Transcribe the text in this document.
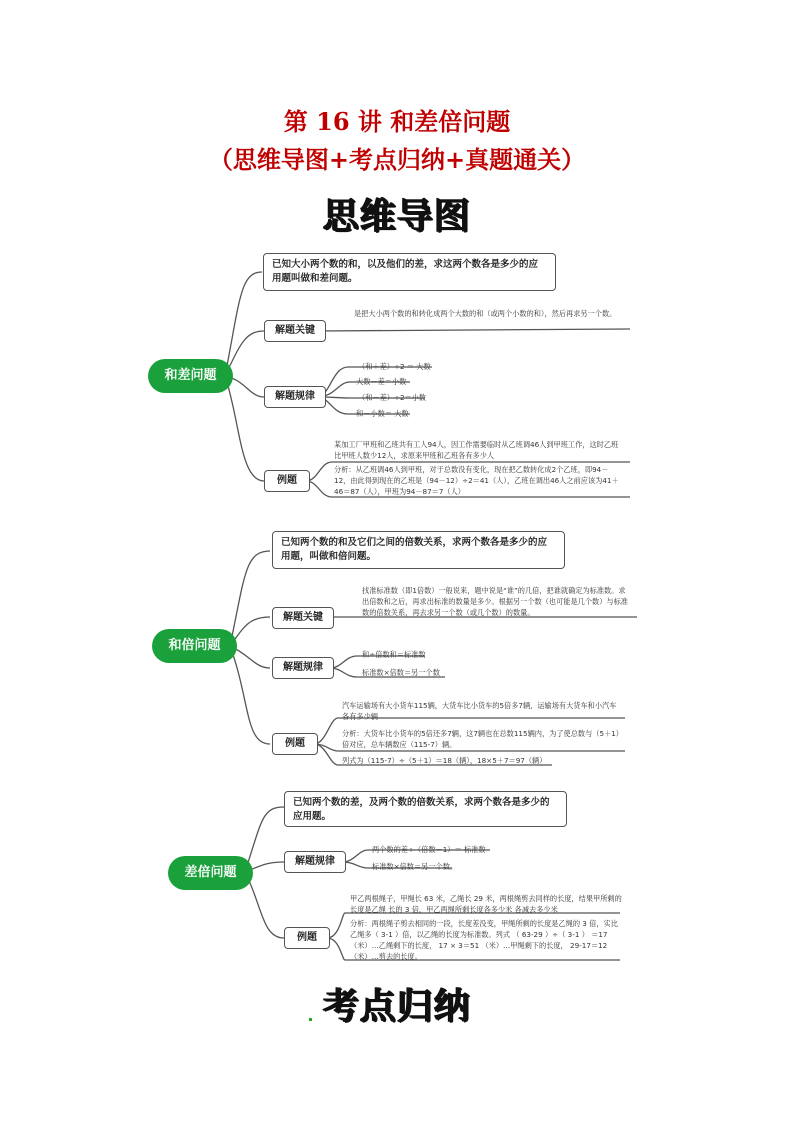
第 16 讲 和差倍问题
（思维导图+考点归纳+真题通关）
思维导图
和差问题
已知大小两个数的和，以及他们的差，求这两个数各是多少的应用题叫做和差问题。
解题关键
是把大小两个数的和转化成两个大数的和（或两个小数的和），然后再求另一个数。
解题规律
（和＋差）÷2 ＝ 大数
大数－差＝小数
（和－差）÷2＝小数
和－小数＝ 大数
例题
某加工厂甲班和乙班共有工人94人，因工作需要临时从乙班调46人到甲班工作，这时乙班比甲班人数少12人，求原来甲班和乙班各有多少人
分析：从乙班调46人到甲班，对于总数没有变化，现在把乙数转化成2个乙班，即94－12，由此得到现在的乙班是（94－12）÷2＝41（人），乙班在调出46人之前应该为41＋46＝87（人），甲班为94－87＝7（人）
和倍问题
已知两个数的和及它们之间的倍数关系，求两个数各是多少的应用题，叫做和倍问题。
解题关键
找准标准数（即1倍数）一般说来，题中说是“谁”的几倍，把谁就确定为标准数。求出倍数和之后，再求出标准的数量是多少。根据另一个数（也可能是几个数）与标准数的倍数关系，再去求另一个数（或几个数）的数量。
解题规律
和÷倍数和＝标准数
标准数×倍数＝另一个数
例题
汽车运输场有大小货车115辆，大货车比小货车的5倍多7辆，运输场有大货车和小汽车各有多少辆
分析：大货车比小货车的5倍还多7辆，这7辆也在总数115辆内，为了使总数与（5＋1）倍对应，总车辆数应（115-7）辆。
列式为（115-7）÷（5＋1）＝18（辆），18×5＋7＝97（辆）
差倍问题
已知两个数的差，及两个数的倍数关系，求两个数各是多少的应用题。
解题规律
两个数的差÷（倍数－1）＝ 标准数
标准数×倍数＝另一个数。
例题
甲乙两根绳子，甲绳长 63 米，乙绳长 29 米，两根绳剪去同样的长度，结果甲所剩的长度是乙绳 长的 3 倍，甲乙两绳所剩长度各多少米 各减去多少米
分析：两根绳子剪去相同的一段，长度差没变，甲绳所剩的长度是乙绳的 3 倍，实比乙绳多（ 3-1 ）倍，以乙绳的长度为标准数。列式 （ 63-29 ）÷（ 3-1 ） ＝17 （米）…乙绳剩下的长度， 17 × 3＝51 （米）…甲绳剩下的长度， 29-17＝12 （米）…剪去的长度。
考点归纳
